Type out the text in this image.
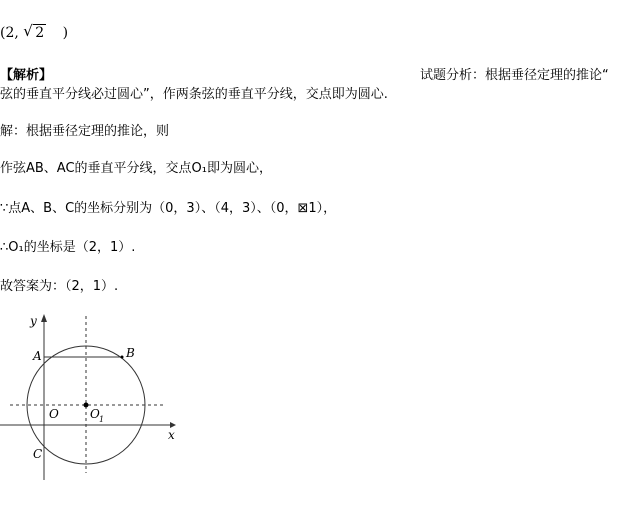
(2, √ 2 )
【解析】	试题分析：根据垂径定理的推论“
弦的垂直平分线必过圆心”，作两条弦的垂直平分线，交点即为圆心.
解：根据垂径定理的推论，则
作弦AB、AC的垂直平分线，交点O₁即为圆心，
∵点A、B、C的坐标分别为（0，3）、（4，3）、（0，⊠1），
∴O₁的坐标是（2，1）.
故答案为：（2，1）.
y
x
A	B
C
O	O 1
